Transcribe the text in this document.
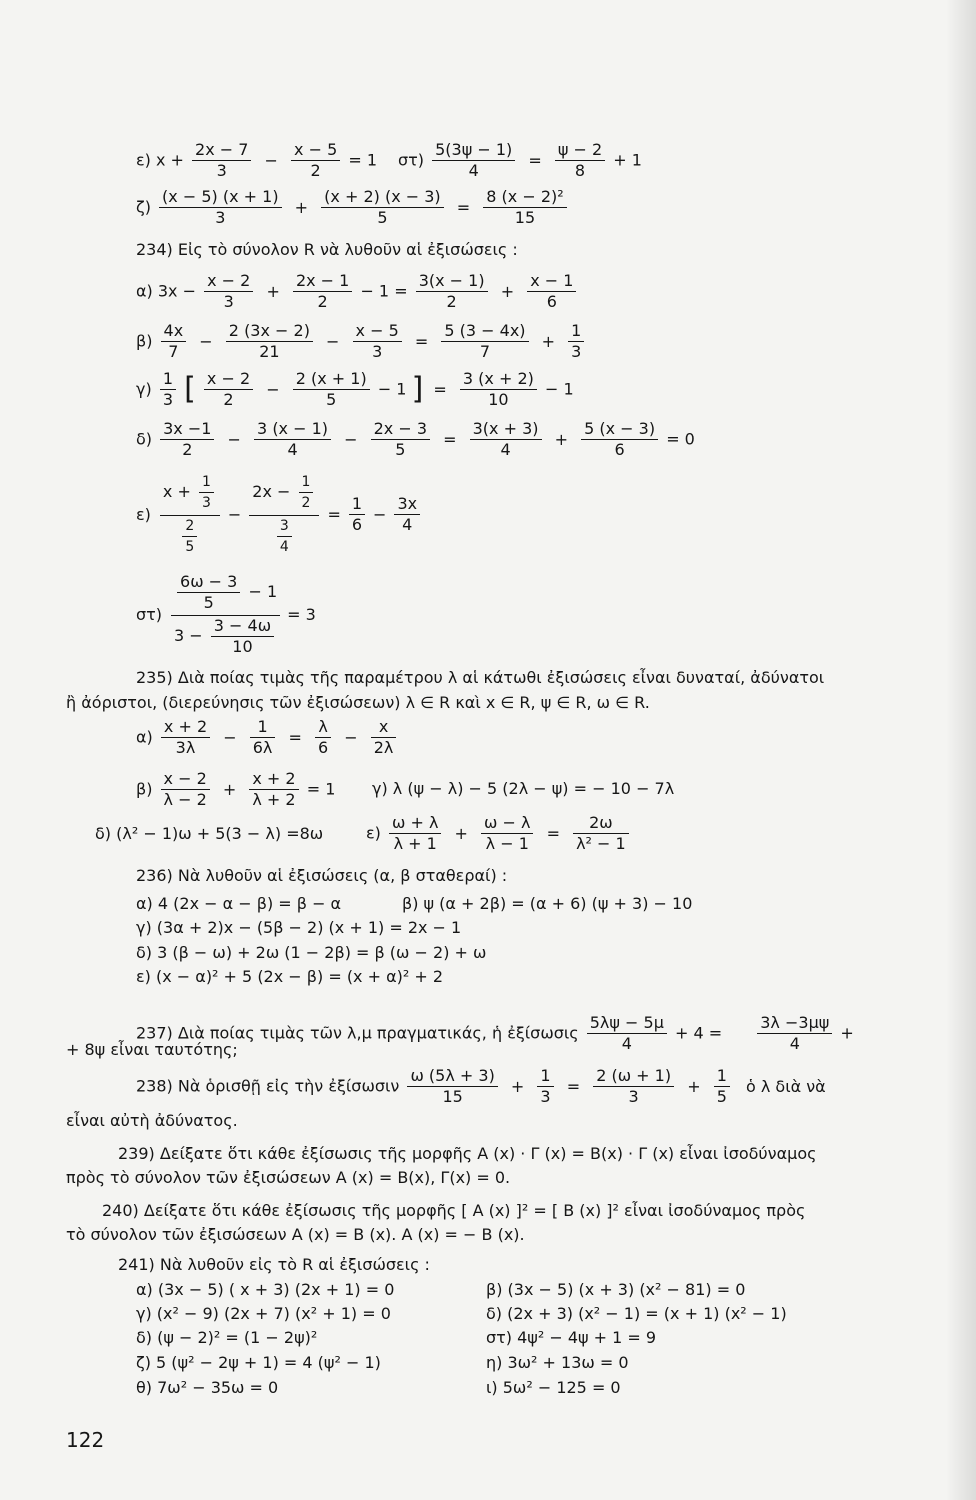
ε) $x + \frac{2x - 7}{3} - \frac{x - 5}{2} = 1$ $\sigma\tau) \frac{5(3\psi - 1)}{4} = \frac{\psi - 2}{8} + 1$
$\zeta) \frac{(x - 5) (x + 1)}{3} + \frac{(x + 2) (x - 3)}{5} = \frac{\text{8 (x − 2)²}}{15}$
234) Εἰς τὸ σύνολον R νὰ λυθοῦν αἱ ἐξισώσεις :
α) $3x - \frac{x - 2}{3} + \frac{2x - 1}{2} - 1 = \frac{3(x - 1)}{2} + \frac{x - 1}{6}$
$\beta) \frac{4x}{7} - \frac{2 (3x - 2)}{21} - \frac{x - 5}{3} = \frac{5 (3 - 4x)}{7} + \frac{1}{3}$
$\gamma) \frac{1}{3}$ [ $\frac{x - 2}{2} - \frac{2 (x + 1)}{5} - 1$ ] = $\frac{3 (x + 2)}{10} - 1$
$\delta) \frac{3x -1}{2} - \frac{3 (x - 1)}{4} - \frac{2x - 3}{5} = \frac{3(x + 3)}{4} + \frac{5 (x - 3)}{6} = 0$
ε)
$x + \frac{1}{3}$
$\frac{2}{5}$
− $\frac{2x - \frac{1}{2}}{\frac{3}{4}} = \frac{1}{6} - \frac{3x}{4}$
$\sigma\tau) \frac{\frac{6\omega - 3}{5} - 1}{3 - \frac{3 - 4\omega}{10}} = 3$
235) Διὰ ποίας τιμὰς τῆς παραμέτρου λ αἱ κάτωθι ἐξισώσεις εἶναι δυναταί, ἀδύνατοι
ἢ ἀόριστοι, (διερεύνησις τῶν ἐξισώσεων) λ ∈ R καὶ x ∈ R, ψ ∈ R, ω ∈ R.
$\alpha) \frac{x + 2}{3\lambda} - \frac{1}{6\lambda} = \frac{\lambda}{6} - \frac{x}{2\lambda}$
$\beta) \frac{x - 2}{\lambda - 2} + \frac{x + 2}{\lambda + 2} = 1$ γ) λ (ψ − λ) − 5 (2λ − ψ) = − 10 − 7λ
δ) (λ² − 1)ω + 5(3 − λ) =8ω	$\varepsilon) \frac{\omega + \lambda}{\lambda + 1} + \frac{\omega - \lambda}{\lambda - 1} = \frac{2\omega}{\text{λ² − 1}}$
236) Νὰ λυθοῦν αἱ ἐξισώσεις (α, β σταθεραί) :
α) 4 (2x − α − β) = β − α	β) ψ (α + 2β) = (α + 6) (ψ + 3) − 10
γ) (3α + 2)x − (5β − 2) (x + 1) = 2x − 1
δ) 3 (β − ω) + 2ω (1 − 2β) = β (ω − 2) + ω
ε) (x − α)² + 5 (2x − β) = (x + α)² + 2
237) Διὰ ποίας τιμὰς τῶν λ,μ πραγματικάς, ἡ ἐξίσωσις $\frac{5\lambda\psi - 5\mu}{4} + 4 = \frac{3\lambda -3\mu\psi}{4}$ +
+ 8ψ εἶναι ταυτότης;
238) Νὰ ὁρισθῇ εἰς τὴν ἐξίσωσιν $\frac{\omega (5\lambda + 3)}{15} + \frac{1}{3} = \frac{2 (\omega + 1)}{3} + \frac{1}{5}$ ὁ λ διὰ νὰ
εἶναι αὐτὴ ἀδύνατος.
239) Δείξατε ὅτι κάθε ἐξίσωσις τῆς μορφῆς Α (x) · Γ (x) = Β(x) · Γ (x) εἶναι ἰσοδύναμος
πρὸς τὸ σύνολον τῶν ἐξισώσεων Α (x) = Β(x), Γ(x) = 0.
240) Δείξατε ὅτι κάθε ἐξίσωσις τῆς μορφῆς [ Α (x) ]² = [ Β (x) ]² εἶναι ἰσοδύναμος πρὸς
τὸ σύνολον τῶν ἐξισώσεων Α (x) = Β (x). Α (x) = − Β (x).
241) Νὰ λυθοῦν εἰς τὸ R αἱ ἐξισώσεις :
α) (3x − 5) ( x + 3) (2x + 1) = 0
γ) (x² − 9) (2x + 7) (x² + 1) = 0
δ) (ψ − 2)² = (1 − 2ψ)²
ζ) 5 (ψ² − 2ψ + 1) = 4 (ψ² − 1)
θ) 7ω² − 35ω = 0
β) (3x − 5) (x + 3) (x² − 81) = 0
δ) (2x + 3) (x² − 1) = (x + 1) (x² − 1)
στ) 4ψ² − 4ψ + 1 = 9
η) 3ω² + 13ω = 0
ι) 5ω² − 125 = 0
122
